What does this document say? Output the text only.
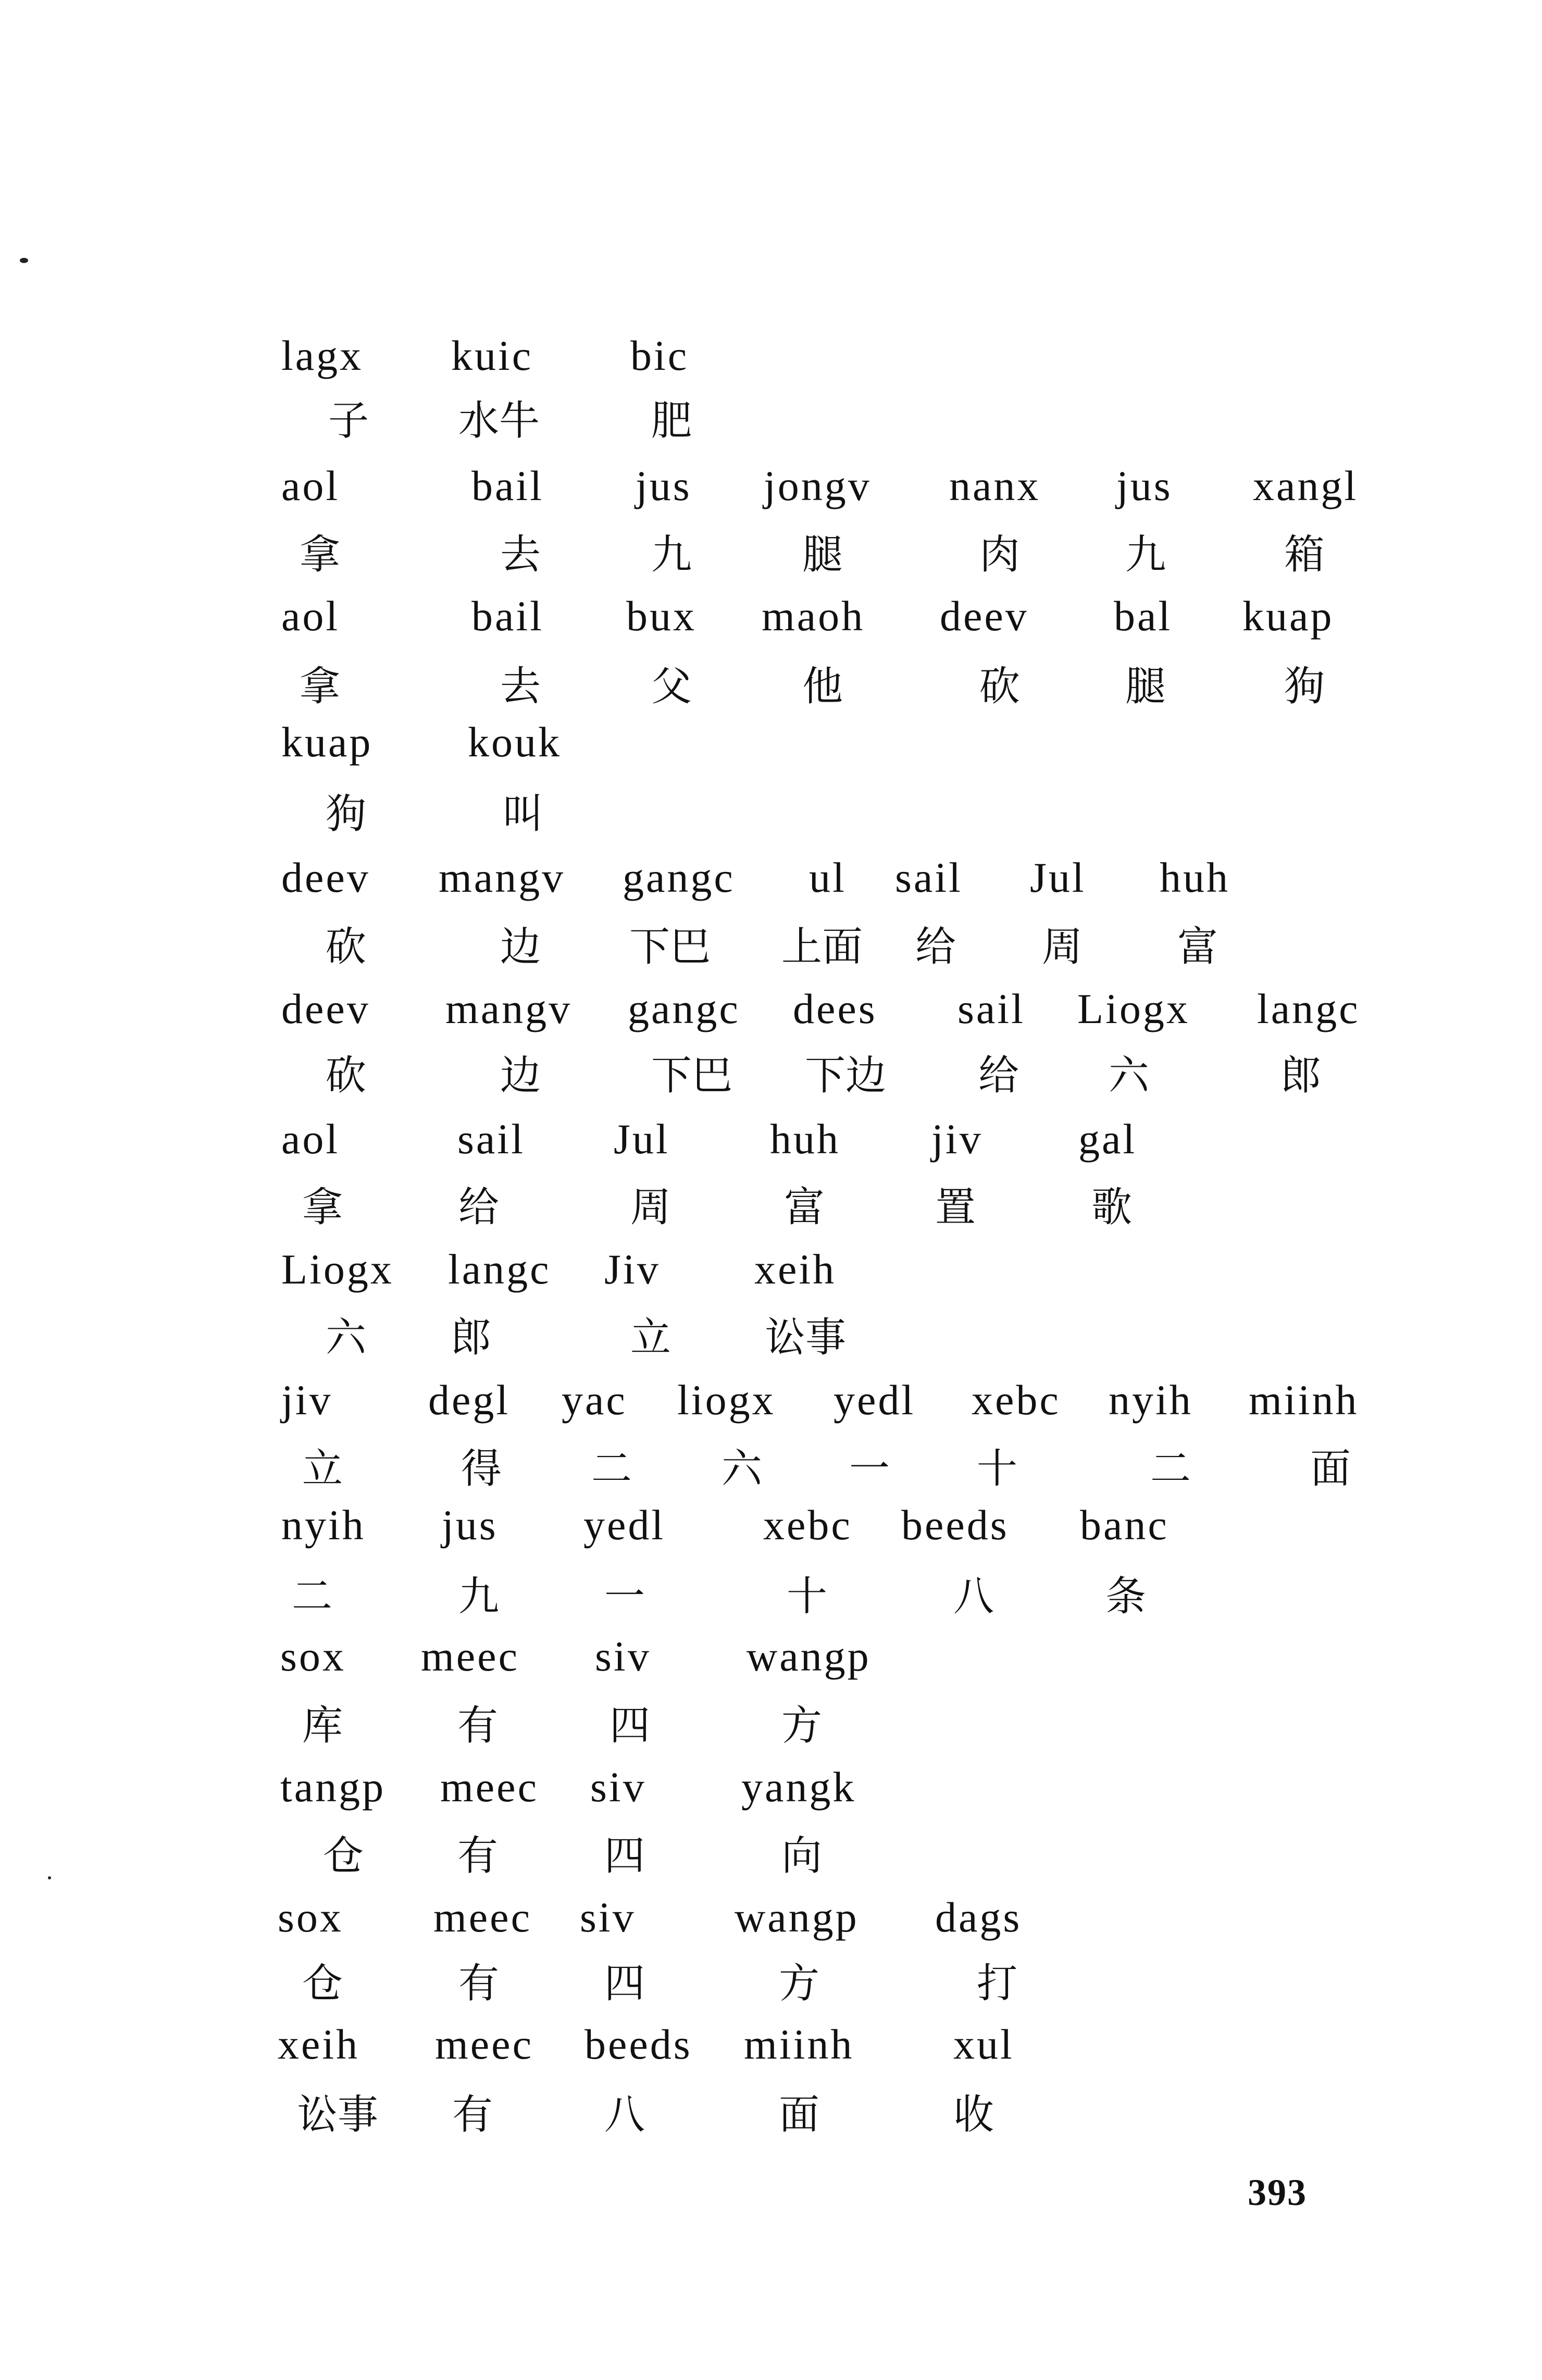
lagx kuic bic
子 水牛	肥
aol	bail jus jongv nanx jus xangl
拿	去	九	腿	肉	九	箱
aol	bail bux maoh deev bal kuap
拿	去	父	他	砍	腿	狗
kuap kouk
狗	叫
deev mangv gangc ul sail Jul huh
砍	边 下巴 上面 给 周 富
deev mangv gangc dees sail Liogx langc
砍	边	下巴 下边 给 六	郎
aol	sail Jul huh jiv gal
拿	给	周	富	置	歌
Liogx langc Jiv xeih
六 郎	立 讼事
jiv degl yac liogx yedl xebc nyih miinh
立	得 二 六 一 十	二	面
nyih jus yedl xebc beeds banc
二	九	一	十	八	条
sox meec siv wangp
库	有	四	方
tangp meec siv yangk
仓 有	四	向
sox meec siv wangp dags
仓	有	四	方	打
xeih meec beeds miinh xul
讼事 有	八	面	收
393
